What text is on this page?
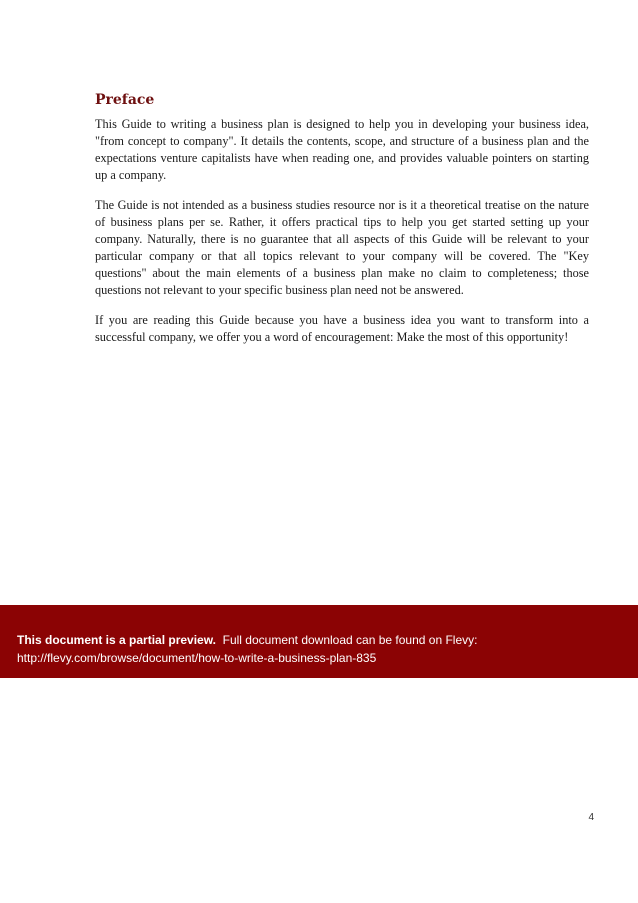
Preface

This Guide to writing a business plan is designed to help you in developing your business idea, "from concept to company". It details the contents, scope, and structure of a business plan and the expectations venture capitalists have when reading one, and provides valuable pointers on starting up a company.

The Guide is not intended as a business studies resource nor is it a theoretical treatise on the nature of business plans per se. Rather, it offers practical tips to help you get started setting up your company. Naturally, there is no guarantee that all aspects of this Guide will be relevant to your particular company or that all topics relevant to your company will be covered. The "Key questions" about the main elements of a business plan make no claim to completeness; those questions not relevant to your specific business plan need not be answered.

If you are reading this Guide because you have a business idea you want to transform into a successful company, we offer you a word of encouragement: Make the most of this opportunity!

This document is a partial preview. Full document download can be found on Flevy:
http://flevy.com/browse/document/how-to-write-a-business-plan-835
4
